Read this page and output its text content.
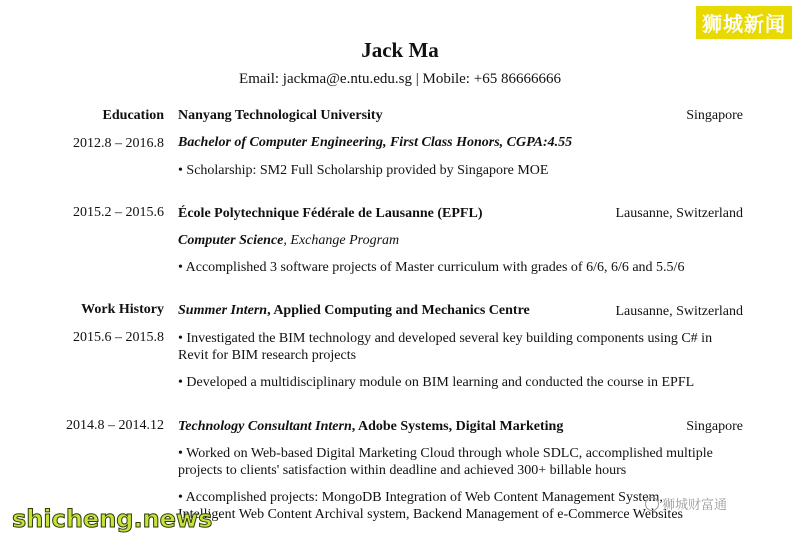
Jack Ma
Email: jackma@e.ntu.edu.sg | Mobile: +65 86666666
Education Nanyang Technological University	Singapore
2012.8 – 2016.8 Bachelor of Computer Engineering, First Class Honors, CGPA:4.55
• Scholarship: SM2 Full Scholarship provided by Singapore MOE
2015.2 – 2015.6 École Polytechnique Fédérale de Lausanne (EPFL)	Lausanne, Switzerland
Computer Science, Exchange Program
• Accomplished 3 software projects of Master curriculum with grades of 6/6, 6/6 and 5.5/6
Work History Summer Intern, Applied Computing and Mechanics Centre	Lausanne, Switzerland
2015.6 – 2015.8 • Investigated the BIM technology and developed several key building components using C# in
Revit for BIM research projects
• Developed a multidisciplinary module on BIM learning and conducted the course in EPFL
2014.8 – 2014.12 Technology Consultant Intern, Adobe Systems, Digital Marketing	Singapore
• Worked on Web-based Digital Marketing Cloud through whole SDLC, accomplished multiple
projects to clients' satisfaction within deadline and achieved 300+ billable hours
• Accomplished projects: MongoDB Integration of Web Content Management System,
Intelligent Web Content Archival system, Backend Management of e-Commerce Websites
狮城新闻
狮城财富通
shicheng.news
